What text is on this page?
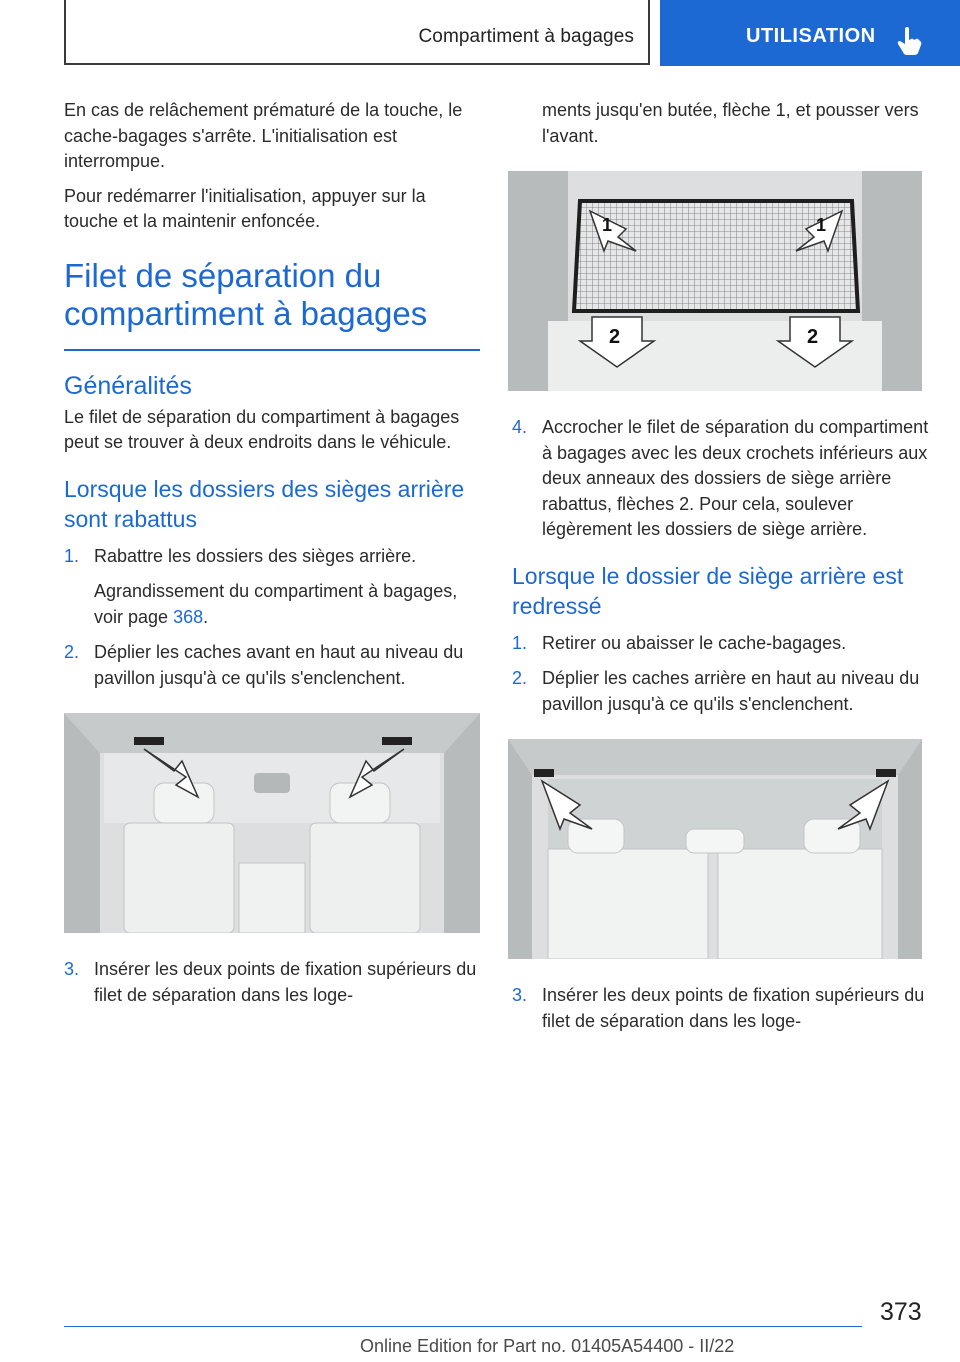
Compartiment à bagages	UTILISATION

En cas de relâchement prématuré de la touche, le cache-bagages s'arrête. L'initialisation est interrompue.

Pour redémarrer l'initialisation, appuyer sur la touche et la maintenir enfoncée.

Filet de séparation du compartiment à bagages
Généralités

Le filet de séparation du compartiment à bagages peut se trouver à deux endroits dans le véhicule.

Lorsque les dossiers des sièges arrière sont rabattus
1. Rabattre les dossiers des sièges arrière.
Agrandissement du compartiment à bagages, voir page 368.
2. Déplier les caches avant en haut au niveau du pavillon jusqu'à ce qu'ils s'enclenchent.
3. Insérer les deux points de fixation supérieurs du filet de séparation dans les loge-

ments jusqu'en butée, flèche 1, et pousser vers l'avant.

1	1
2	2
4. Accrocher le filet de séparation du compartiment à bagages avec les deux crochets inférieurs aux deux anneaux des dossiers de siège arrière rabattus, flèches 2. Pour cela, soulever légèrement les dossiers de siège arrière.
Lorsque le dossier de siège arrière est redressé
1. Retirer ou abaisser le cache-bagages.
2. Déplier les caches arrière en haut au niveau du pavillon jusqu'à ce qu'ils s'enclenchent.
3. Insérer les deux points de fixation supérieurs du filet de séparation dans les loge-
373
Online Edition for Part no. 01405A54400 - II/22
